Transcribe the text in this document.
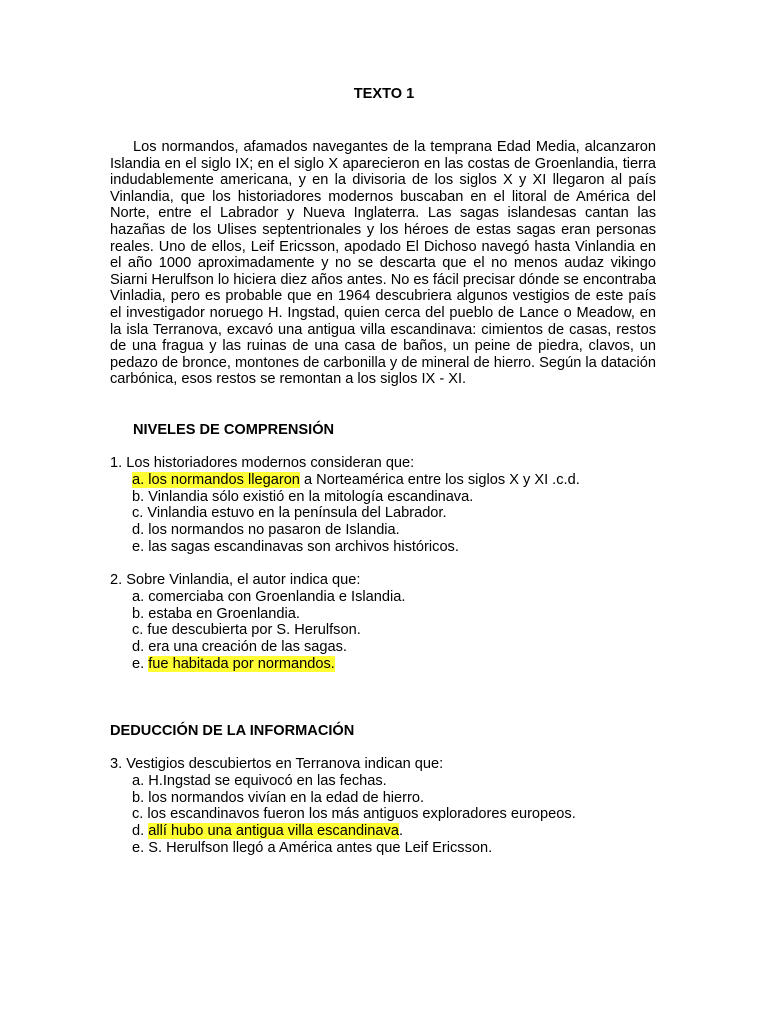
TEXTO 1

Los normandos, afamados navegantes de la temprana Edad Media, alcanzaron Islandia en el siglo IX; en el siglo X aparecieron en las costas de Groenlandia, tierra indudablemente americana, y en la divisoria de los siglos X y XI llegaron al país Vinlandia, que los historiadores modernos buscaban en el litoral de América del Norte, entre el Labrador y Nueva Inglaterra. Las sagas islandesas cantan las hazañas de los Ulises septentrionales y los héroes de estas sagas eran personas reales. Uno de ellos, Leif Ericsson, apodado El Dichoso navegó hasta Vinlandia en el año 1000 aproximadamente y no se descarta que el no menos audaz vikingo Siarni Herulfson lo hiciera diez años antes. No es fácil precisar dónde se encontraba Vinladia, pero es probable que en 1964 descubriera algunos vestigios de este país el investigador noruego H. Ingstad, quien cerca del pueblo de Lance o Meadow, en la isla Terranova, excavó una antigua villa escandinava: cimientos de casas, restos de una fragua y las ruinas de una casa de baños, un peine de piedra, clavos, un pedazo de bronce, montones de carbonilla y de mineral de hierro. Según la datación carbónica, esos restos se remontan a los siglos IX - XI.

NIVELES DE COMPRENSIÓN

1. Los historiadores modernos consideran que:

a. los normandos llegaron a Norteamérica entre los siglos X y XI .c.d.
b. Vinlandia sólo existió en la mitología escandinava.
c. Vinlandia estuvo en la península del Labrador.
d. los normandos no pasaron de Islandia.
e. las sagas escandinavas son archivos históricos.

2. Sobre Vinlandia, el autor indica que:

a. comerciaba con Groenlandia e Islandia.
b. estaba en Groenlandia.
c. fue descubierta por S. Herulfson.
d. era una creación de las sagas.
e. fue habitada por normandos.
DEDUCCIÓN DE LA INFORMACIÓN

3. Vestigios descubiertos en Terranova indican que:

a. H.Ingstad se equivocó en las fechas.
b. los normandos vivían en la edad de hierro.
c. los escandinavos fueron los más antiguos exploradores europeos.
d. allí hubo una antigua villa escandinava.
e. S. Herulfson llegó a América antes que Leif Ericsson.
